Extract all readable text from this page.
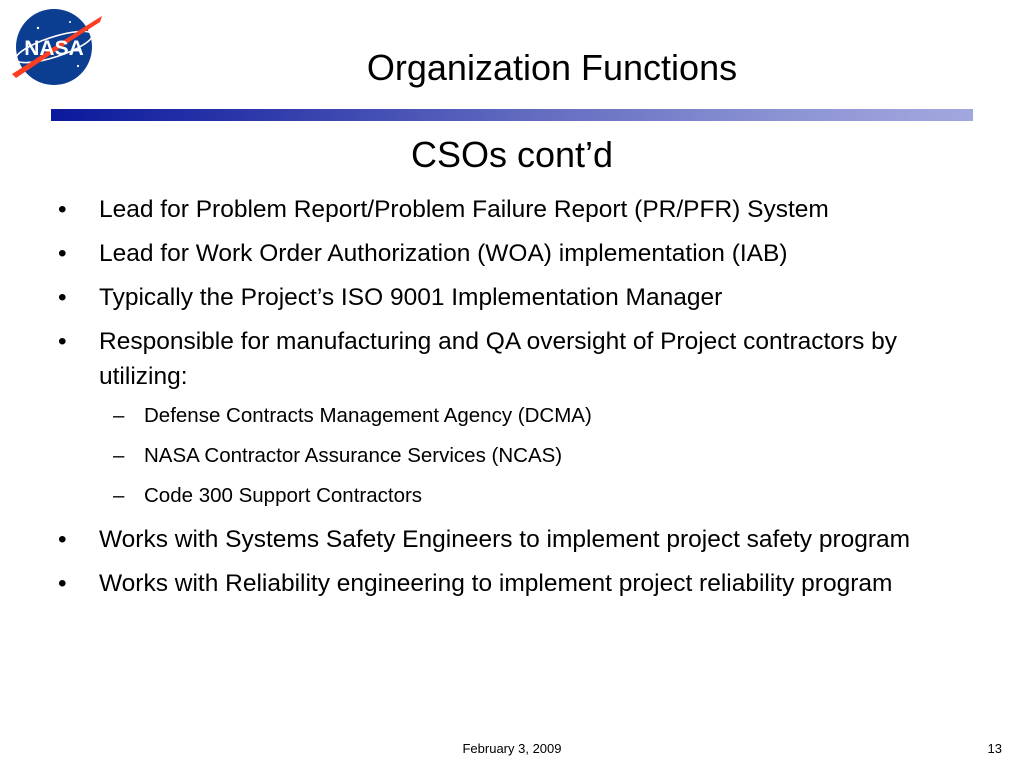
NASA	Organization Functions
CSOs cont’d
• Lead for Problem Report/Problem Failure Report (PR/PFR) System
• Lead for Work Order Authorization (WOA) implementation (IAB)
• Typically the Project’s ISO 9001 Implementation Manager
• Responsible for manufacturing and QA oversight of Project contractors by utilizing:
– Defense Contracts Management Agency (DCMA)
– NASA Contractor Assurance Services (NCAS)
– Code 300 Support Contractors
• Works with Systems Safety Engineers to implement project safety program
• Works with Reliability engineering to implement project reliability program
February 3, 2009	13
